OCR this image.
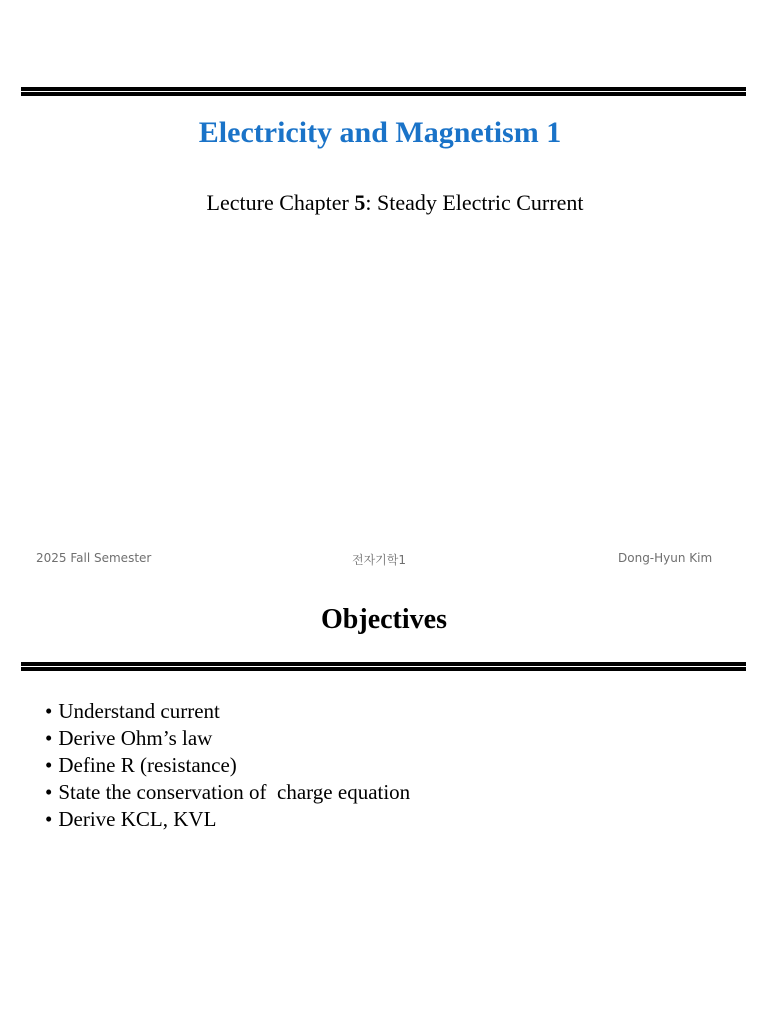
Electricity and Magnetism 1
Lecture Chapter 5: Steady Electric Current
2025 Fall Semester	전자기학1	Dong-Hyun Kim
Objectives
• Understand current
• Derive Ohm’s law
• Define R (resistance)
• State the conservation of  charge equation
• Derive KCL, KVL
